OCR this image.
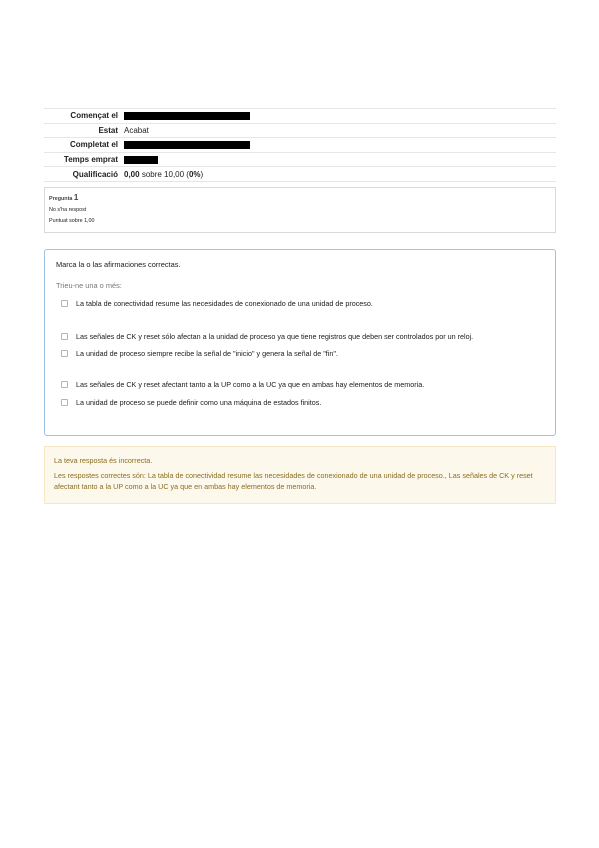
Començat el
Estat Acabat
Completat el
Temps emprat
Qualificació 0,00 sobre 10,00 (0%)
Pregunta 1
No s'ha respost
Puntuat sobre 1,00
Marca la o las afirmaciones correctas.
Trieu-ne una o més:
La tabla de conectividad resume las necesidades de conexionado de una unidad de proceso.
Las señales de CK y reset sólo afectan a la unidad de proceso ya que tiene registros que deben ser controlados por un reloj.
La unidad de proceso siempre recibe la señal de "inicio" y genera la señal de "fin".
Las señales de CK y reset afectant tanto a la UP como a la UC ya que en ambas hay elementos de memoria.
La unidad de proceso se puede definir como una máquina de estados finitos.
La teva resposta és incorrecta.
Les respostes correctes són: La tabla de conectividad resume las necesidades de conexionado de una unidad de proceso., Las señales de CK y reset afectant tanto a la UP como a la UC ya que en ambas hay elementos de memoria.
